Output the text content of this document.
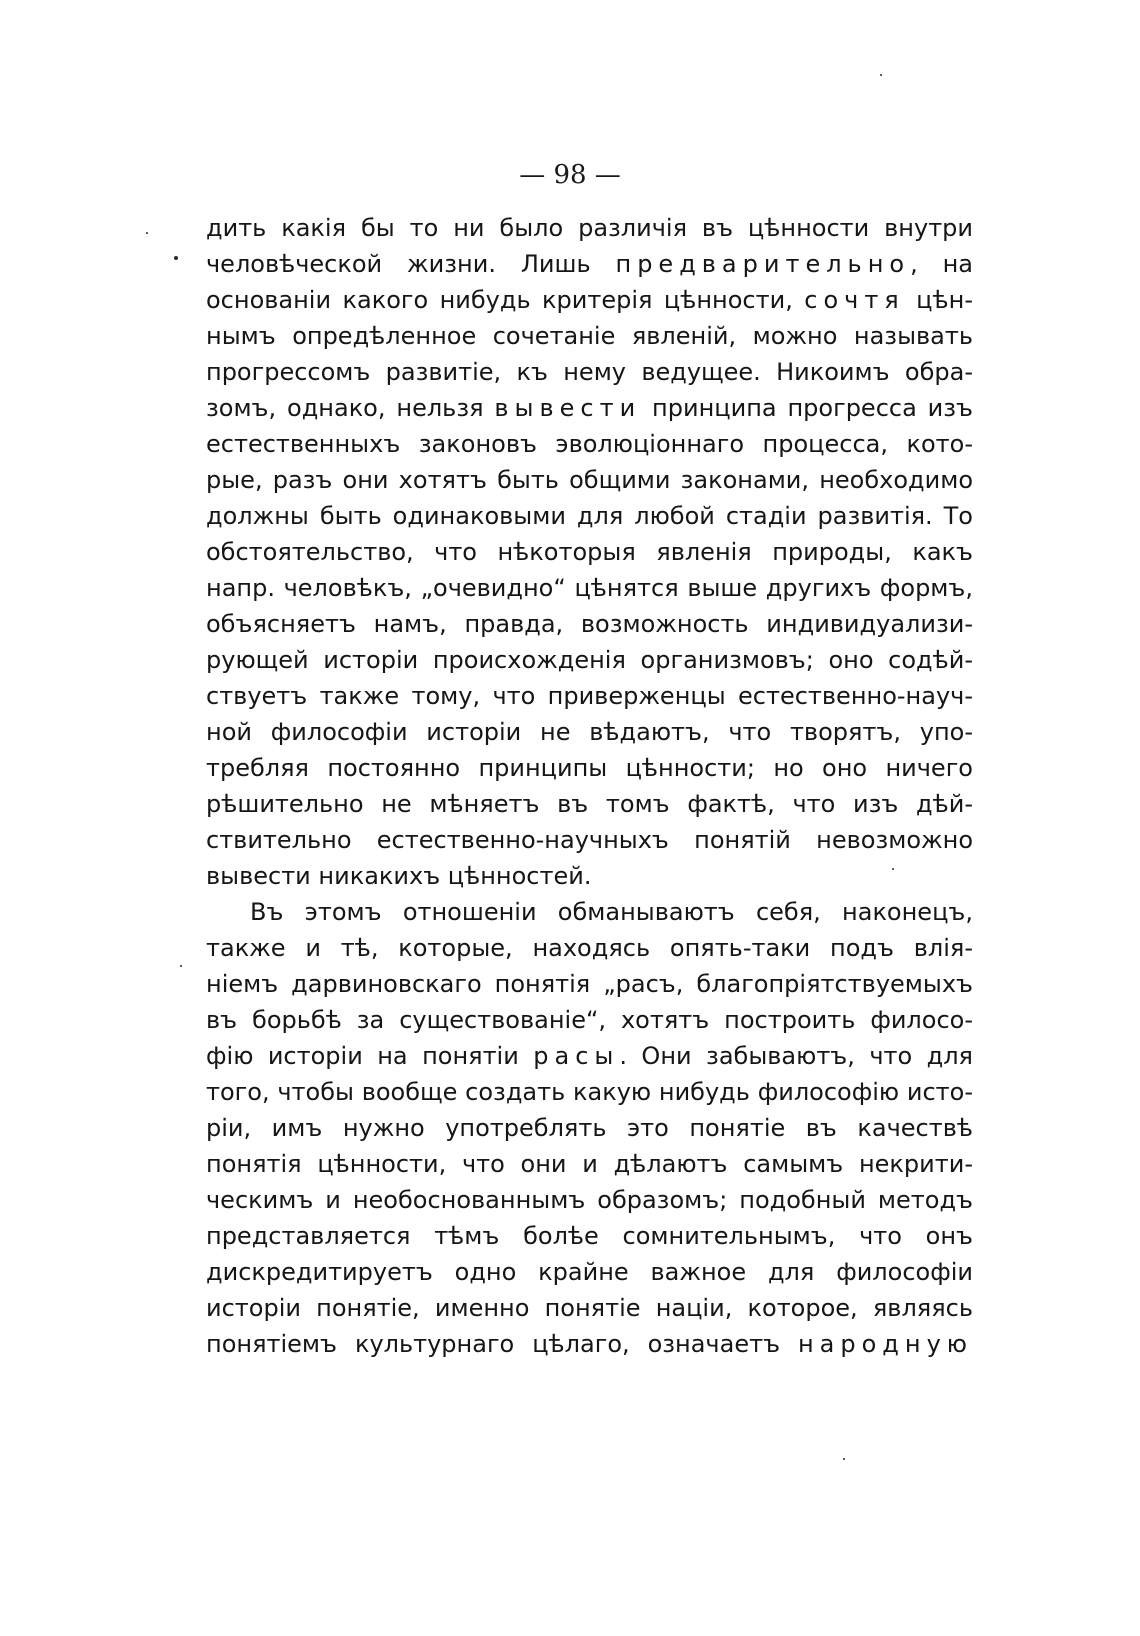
— 98 —
дить какія бы то ни было различія въ цѣнности внутри
человѣческой жизни. Лишь предварительно, на
основаніи какого нибудь критерія цѣнности, сочтя цѣн-
нымъ опредѣленное сочетаніе явленій, можно называть
прогрессомъ развитіе, къ нему ведущее. Никоимъ обра-
зомъ, однако, нельзя вывести принципа прогресса изъ
естественныхъ законовъ эволюціоннаго процесса, кото-
рые, разъ они хотятъ быть общими законами, необходимо
должны быть одинаковыми для любой стадіи развитія. То
обстоятельство, что нѣкоторыя явленія природы, какъ
напр. человѣкъ, „очевидно“ цѣнятся выше другихъ формъ,
объясняетъ намъ, правда, возможность индивидуализи-
рующей исторіи происхожденія организмовъ; оно содѣй-
ствуетъ также тому, что приверженцы естественно-науч-
ной философіи исторіи не вѣдаютъ, что творятъ, упо-
требляя постоянно принципы цѣнности; но оно ничего
рѣшительно не мѣняетъ въ томъ фактѣ, что изъ дѣй-
ствительно естественно-научныхъ понятій невозможно
вывести никакихъ цѣнностей.
Въ этомъ отношеніи обманываютъ себя, наконецъ,
также и тѣ, которые, находясь опять-таки подъ влія-
ніемъ дарвиновскаго понятія „расъ, благопріятствуемыхъ
въ борьбѣ за существованіе“, хотятъ построить филосо-
фію исторіи на понятіи расы. Они забываютъ, что для
того, чтобы вообще создать какую нибудь философію исто-
ріи, имъ нужно употреблять это понятіе въ качествѣ
понятія цѣнности, что они и дѣлаютъ самымъ некрити-
ческимъ и необоснованнымъ образомъ; подобный методъ
представляется тѣмъ болѣе сомнительнымъ, что онъ
дискредитируетъ одно крайне важное для философіи
исторіи понятіе, именно понятіе націи, которое, являясь
понятіемъ культурнаго цѣлаго, означаетъ народную
